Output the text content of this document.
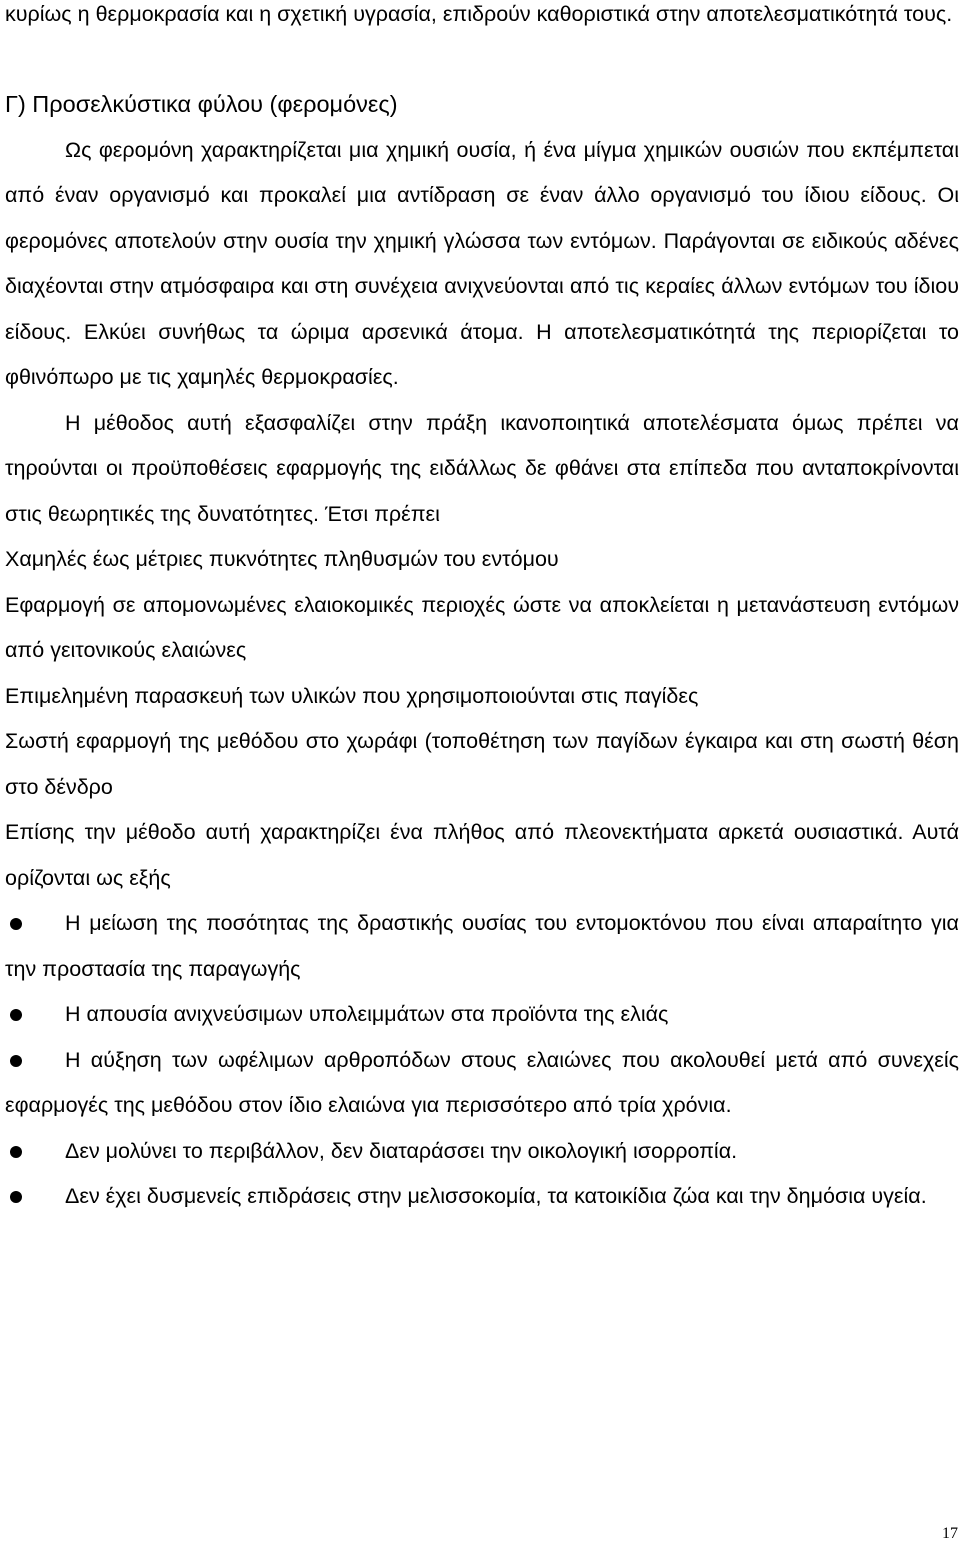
κυρίως η θερμοκρασία και η σχετική υγρασία, επιδρούν καθοριστικά στην αποτελεσματικότητά τους.

Γ) Προσελκύστικα φύλου (φερομόνες)

Ως φερομόνη χαρακτηρίζεται μια χημική ουσία, ή ένα μίγμα χημικών ουσιών που εκπέμπεται από έναν οργανισμό και προκαλεί μια αντίδραση σε έναν άλλο οργανισμό του ίδιου είδους. Οι φερομόνες αποτελούν στην ουσία την χημική γλώσσα των εντόμων. Παράγονται σε ειδικούς αδένες διαχέονται στην ατμόσφαιρα και στη συνέχεια ανιχνεύονται από τις κεραίες άλλων εντόμων του ίδιου είδους. Ελκύει συνήθως τα ώριμα αρσενικά άτομα. Η αποτελεσματικότητά της περιορίζεται το φθινόπωρο με τις χαμηλές θερμοκρασίες.

Η μέθοδος αυτή εξασφαλίζει στην πράξη ικανοποιητικά αποτελέσματα όμως πρέπει να τηρούνται οι προϋποθέσεις εφαρμογής της ειδάλλως δε φθάνει στα επίπεδα που ανταποκρίνονται στις θεωρητικές της δυνατότητες. Έτσι πρέπει

Χαμηλές έως μέτριες πυκνότητες πληθυσμών του εντόμου

Εφαρμογή σε απομονωμένες ελαιοκομικές περιοχές ώστε να αποκλείεται η μετανάστευση εντόμων από γειτονικούς ελαιώνες

Επιμελημένη παρασκευή των υλικών που χρησιμοποιούνται στις παγίδες

Σωστή εφαρμογή της μεθόδου στο χωράφι (τοποθέτηση των παγίδων έγκαιρα και στη σωστή θέση στο δένδρο

Επίσης την μέθοδο αυτή χαρακτηρίζει ένα πλήθος από πλεονεκτήματα αρκετά ουσιαστικά. Αυτά ορίζονται ως εξής

Η μείωση της ποσότητας της δραστικής ουσίας του εντομοκτόνου που είναι απαραίτητο για την προστασία της παραγωγής
Η απουσία ανιχνεύσιμων υπολειμμάτων στα προϊόντα της ελιάς
Η αύξηση των ωφέλιμων αρθροπόδων στους ελαιώνες που ακολουθεί μετά από συνεχείς εφαρμογές της μεθόδου στον ίδιο ελαιώνα για περισσότερο από τρία χρόνια.
Δεν μολύνει το περιβάλλον, δεν διαταράσσει την οικολογική ισορροπία.
Δεν έχει δυσμενείς επιδράσεις στην μελισσοκομία, τα κατοικίδια ζώα και την δημόσια υγεία.
17
